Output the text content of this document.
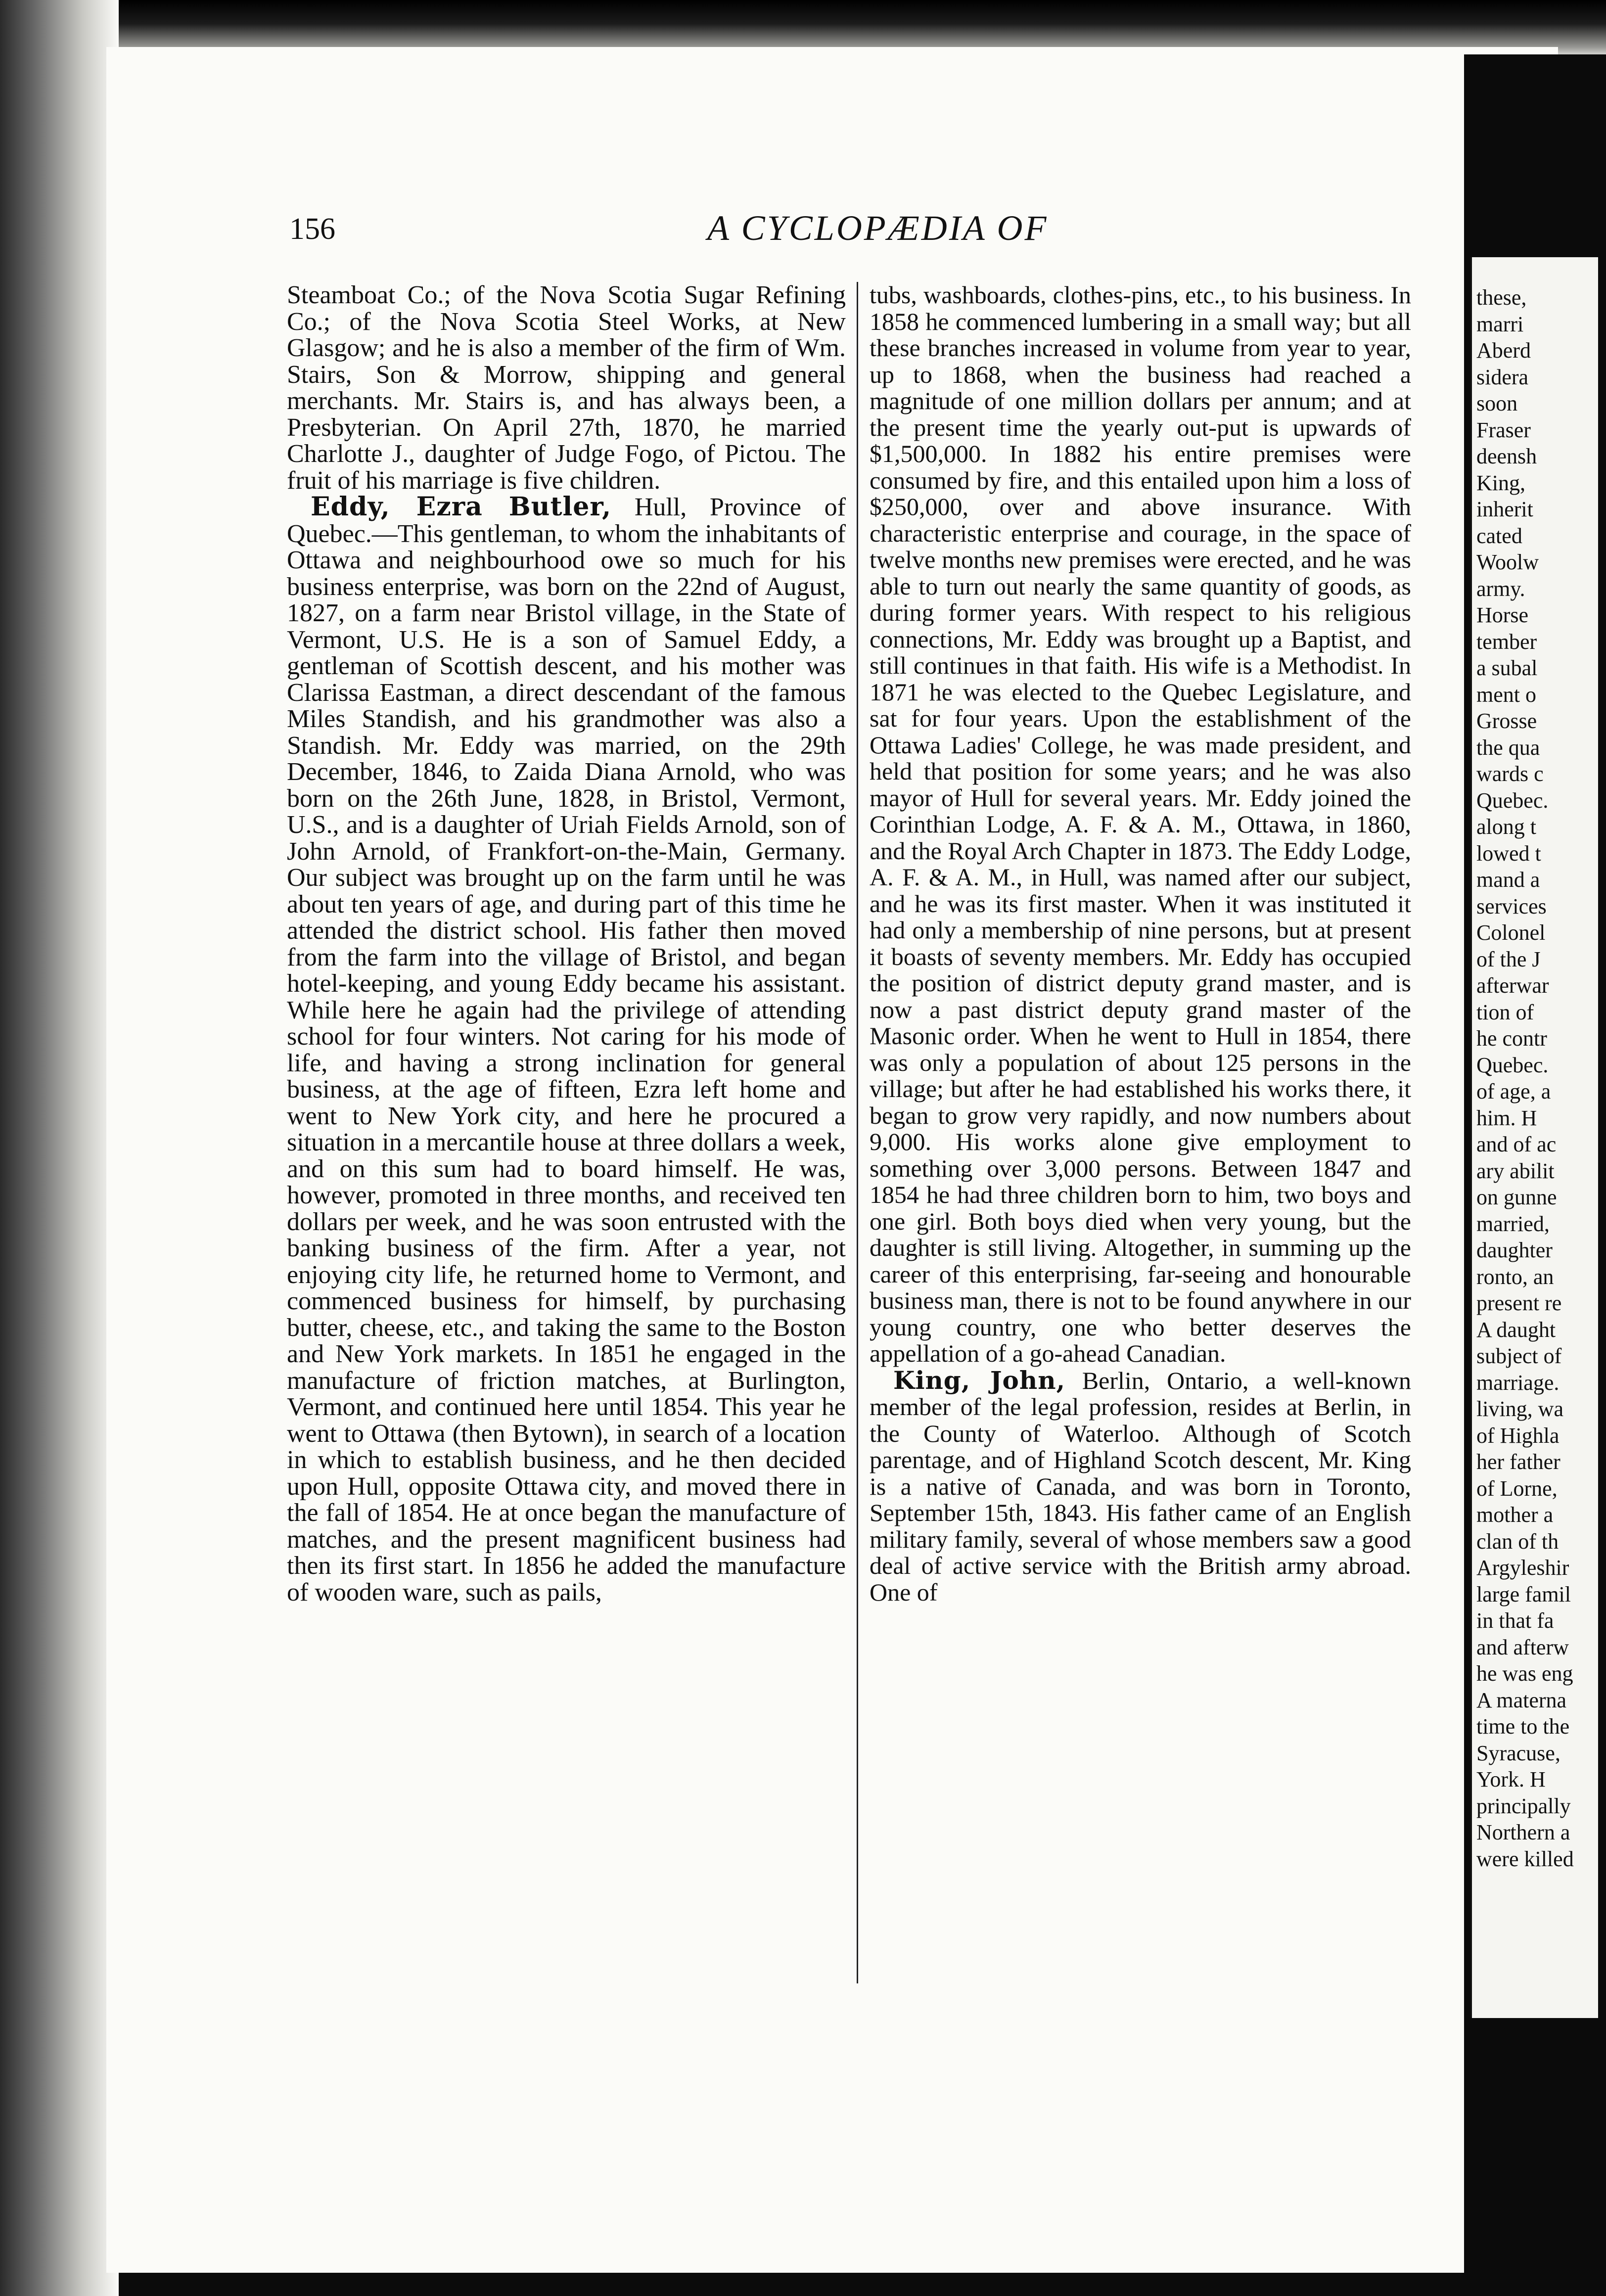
156	A CYCLOPÆDIA OF

Steamboat Co.; of the Nova Scotia Sugar Refining Co.; of the Nova Scotia Steel Works, at New Glasgow; and he is also a member of the firm of Wm. Stairs, Son & Morrow, shipping and general merchants. Mr. Stairs is, and has always been, a Presbyterian. On April 27th, 1870, he married Charlotte J., daughter of Judge Fogo, of Pictou. The fruit of his marriage is five children.

Eddy, Ezra Butler, Hull, Province of Quebec.—This gentleman, to whom the inhabitants of Ottawa and neighbourhood owe so much for his business enterprise, was born on the 22nd of August, 1827, on a farm near Bristol village, in the State of Vermont, U.S. He is a son of Samuel Eddy, a gentleman of Scottish descent, and his mother was Clarissa Eastman, a direct descendant of the famous Miles Standish, and his grandmother was also a Standish. Mr. Eddy was married, on the 29th December, 1846, to Zaida Diana Arnold, who was born on the 26th June, 1828, in Bristol, Vermont, U.S., and is a daughter of Uriah Fields Arnold, son of John Arnold, of Frankfort-on-the-Main, Germany. Our subject was brought up on the farm until he was about ten years of age, and during part of this time he attended the district school. His father then moved from the farm into the village of Bristol, and began hotel-keeping, and young Eddy became his assistant. While here he again had the privilege of attending school for four winters. Not caring for his mode of life, and having a strong inclination for general business, at the age of fifteen, Ezra left home and went to New York city, and here he procured a situation in a mercantile house at three dollars a week, and on this sum had to board himself. He was, however, promoted in three months, and received ten dollars per week, and he was soon entrusted with the banking business of the firm. After a year, not enjoying city life, he returned home to Vermont, and commenced business for himself, by purchasing butter, cheese, etc., and taking the same to the Boston and New York markets. In 1851 he engaged in the manufacture of friction matches, at Burlington, Vermont, and continued here until 1854. This year he went to Ottawa (then Bytown), in search of a location in which to establish business, and he then decided upon Hull, opposite Ottawa city, and moved there in the fall of 1854. He at once began the manufacture of matches, and the present magnificent business had then its first start. In 1856 he added the manufacture of wooden ware, such as pails,

tubs, washboards, clothes-pins, etc., to his business. In 1858 he commenced lumbering in a small way; but all these branches increased in volume from year to year, up to 1868, when the business had reached a magnitude of one million dollars per annum; and at the present time the yearly out-put is upwards of $1,500,000. In 1882 his entire premises were consumed by fire, and this entailed upon him a loss of $250,000, over and above insurance. With characteristic enterprise and courage, in the space of twelve months new premises were erected, and he was able to turn out nearly the same quantity of goods, as during former years. With respect to his religious connections, Mr. Eddy was brought up a Baptist, and still continues in that faith. His wife is a Methodist. In 1871 he was elected to the Quebec Legislature, and sat for four years. Upon the establishment of the Ottawa Ladies' College, he was made president, and held that position for some years; and he was also mayor of Hull for several years. Mr. Eddy joined the Corinthian Lodge, A. F. & A. M., Ottawa, in 1860, and the Royal Arch Chapter in 1873. The Eddy Lodge, A. F. & A. M., in Hull, was named after our subject, and he was its first master. When it was instituted it had only a membership of nine persons, but at present it boasts of seventy members. Mr. Eddy has occupied the position of district deputy grand master, and is now a past district deputy grand master of the Masonic order. When he went to Hull in 1854, there was only a population of about 125 persons in the village; but after he had established his works there, it began to grow very rapidly, and now numbers about 9,000. His works alone give employment to something over 3,000 persons. Between 1847 and 1854 he had three children born to him, two boys and one girl. Both boys died when very young, but the daughter is still living. Altogether, in summing up the career of this enterprising, far-seeing and honourable business man, there is not to be found anywhere in our young country, one who better deserves the appellation of a go-ahead Canadian.

King, John, Berlin, Ontario, a well-known member of the legal profession, resides at Berlin, in the County of Waterloo. Although of Scotch parentage, and of Highland Scotch descent, Mr. King is a native of Canada, and was born in Toronto, September 15th, 1843. His father came of an English military family, several of whose members saw a good deal of active service with the British army abroad. One of

these,
marri
Aberd
sidera
soon
Fraser
deensh
King,
inherit
cated
Woolw
army.
Horse
tember
a subal
ment o
Grosse
the qua
wards c
Quebec.
along t
lowed t
mand a
services
Colonel
of the J
afterwar
tion of
he contr
Quebec.
of age, a
him. H
and of ac
ary abilit
on gunne
married,
daughter
ronto, an
present re
A daught
subject of
marriage.
living, wa
of Highla
her father
of Lorne,
mother a
clan of th
Argyleshir
large famil
in that fa
and afterw
he was eng
A materna
time to the
Syracuse,
York. H
principally
Northern a
were killed
